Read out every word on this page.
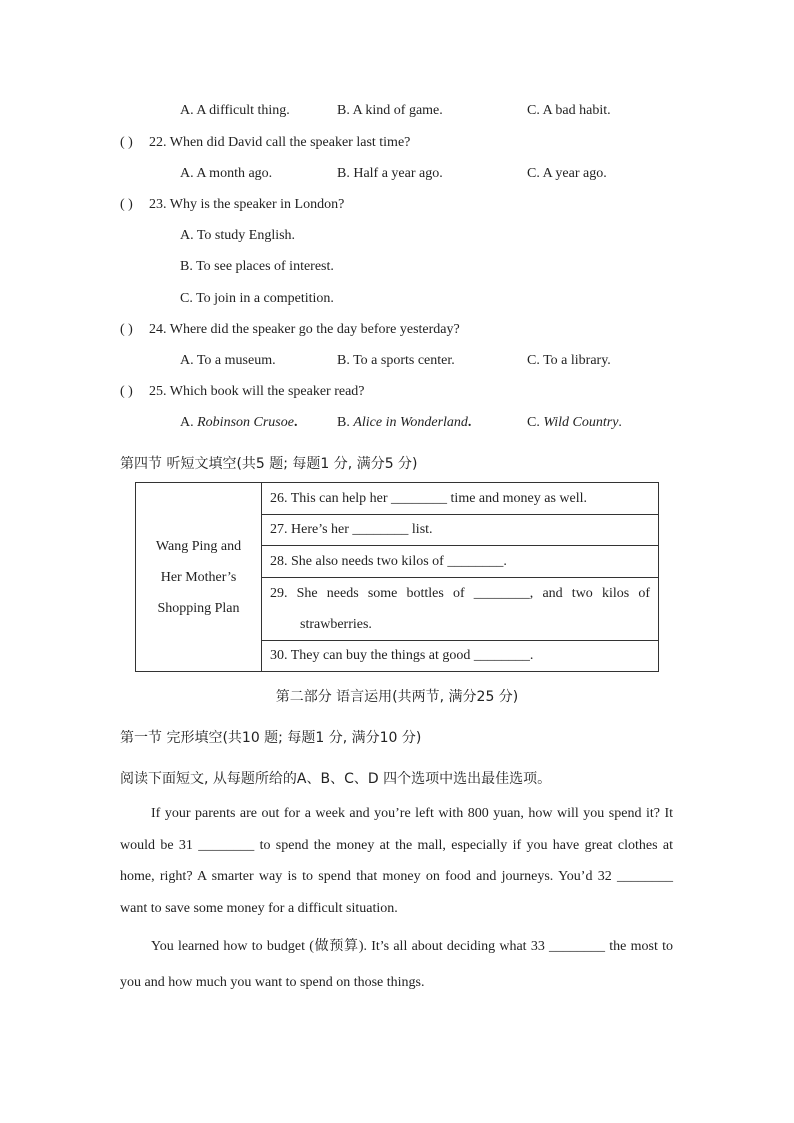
A. A difficult thing.	B. A kind of game.	C. A bad habit.
( ) 22. When did David call the speaker last time?
A. A month ago.	B. Half a year ago.	C. A year ago.
( ) 23. Why is the speaker in London?
A. To study English.
B. To see places of interest.
C. To join in a competition.
( ) 24. Where did the speaker go the day before yesterday?
A. To a museum.	B. To a sports center.	C. To a library.
( ) 25. Which book will the speaker read?
A. Robinson Crusoe.	B. Alice in Wonderland.	C. Wild Country.
第四节 听短文填空(共5 题; 每题1 分, 满分5 分)
Wang Ping and
Her Mother’s
Shopping Plan
	26. This can help her ________ time and money as well.
27. Here’s her ________ list.
28. She also needs two kilos of ________.

29. She needs some bottles of ________, and two kilos of
strawberries.

30. They can buy the things at good ________.
第二部分 语言运用(共两节, 满分25 分)
第一节 完形填空(共10 题; 每题1 分, 满分10 分)
阅读下面短文, 从每题所给的A、B、C、D 四个选项中选出最佳选项。
If your parents are out for a week and you’re left with 800 yuan, how will you spend it? It would be 31 ________ to spend the money at the mall, especially if you have great clothes at home, right? A smarter way is to spend that money on food and journeys. You’d 32 ________ want to save some money for a difficult situation.
You learned how to budget (做预算). It’s all about deciding what 33 ________ the most to you and how much you want to spend on those things.
